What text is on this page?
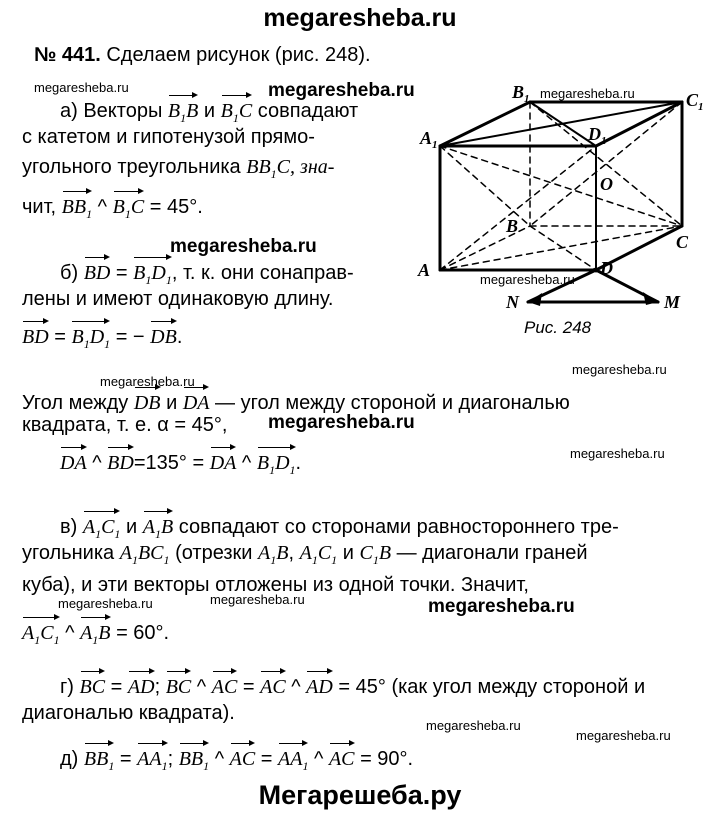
megaresheba.ru
megaresheba.ru	megaresheba.ru	megaresheba.ru
megaresheba.ru
megaresheba.ru
megaresheba.ru
megaresheba.ru
megaresheba.ru
megaresheba.ru
megaresheba.ru	megaresheba.ru
megaresheba.ru
megaresheba.ru
megaresheba.ru
№ 441. Сделаем рисунок (рис. 248).
а) Векторы $B_1B$ и $B_1C$ совпадают
с катетом и гипотенузой прямо-
угольного треугольника $BB_1C$, зна-
чит, $BB_1$ ^ $B_1C = 45^\circ$.
б) BD = $B_1D_1$, т. к. они сонаправ-
лены и имеют одинаковую длину.
BD = $B_1D_1$ = − DB.
Угол между DB и DA — угол между стороной и диагональю
квадрата, т. е. α = 45°,
DA ^ BD=135° = DA ^ $B_1D_1$.
в) $A_1C_1$ и $A_1B$ совпадают со сторонами равностороннего тре-
угольника $A_1BC_1$ (отрезки $A_1B$, $A_1C_1$ и $C_1B$ — диагонали граней
куба), и эти векторы отложены из одной точки. Значит,
$A_1C_1$ ^ $A_1B = 60^\circ$.
г) BC = AD; BC ^ AC = AC ^ AD = 45° (как угол между стороной и
диагональю квадрата).
д) $BB_1 = AA_1$; $BB_1$ ^ AC = $AA_1$ ^ AC = 90°.
$B_1$	$C_1$
$A_1$
$D_1$
O
B
C
A	D
N	M
Рис. 248
Мегарешеба.ру
